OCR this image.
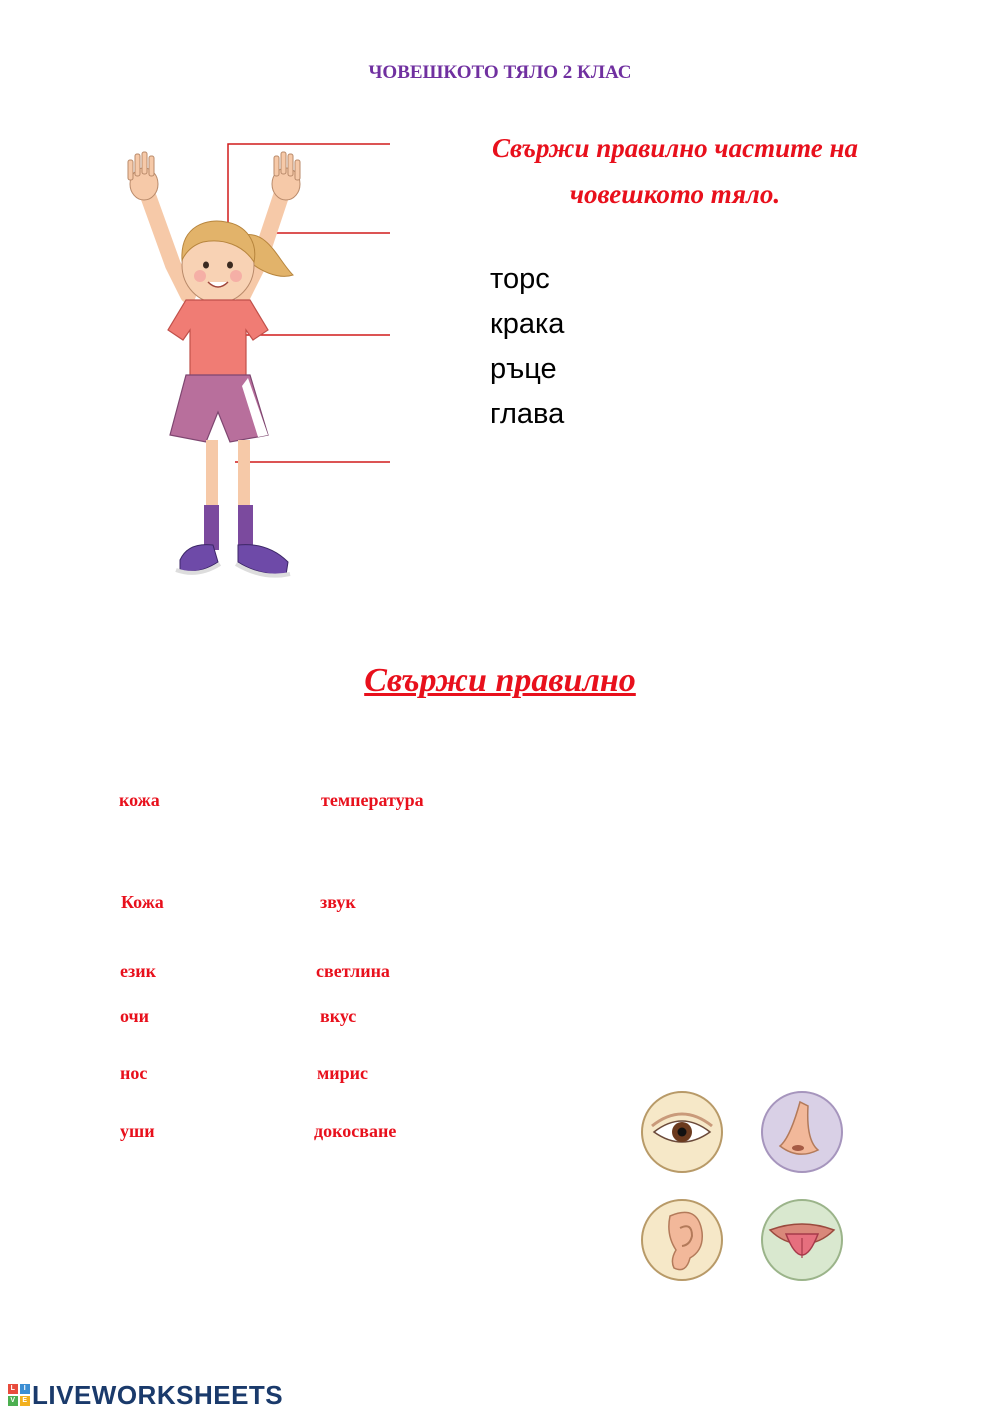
ЧОВЕШКОТО ТЯЛО 2 КЛАС
Свържи правилно частите на
човешкото тяло.
торс
крака
ръце
глава
Свържи правилно
кожа
Кожа
език
очи
нос
уши
температура
звук
светлина
вкус
мирис
докосване
L	I
V E LIVEWORKSHEETS
